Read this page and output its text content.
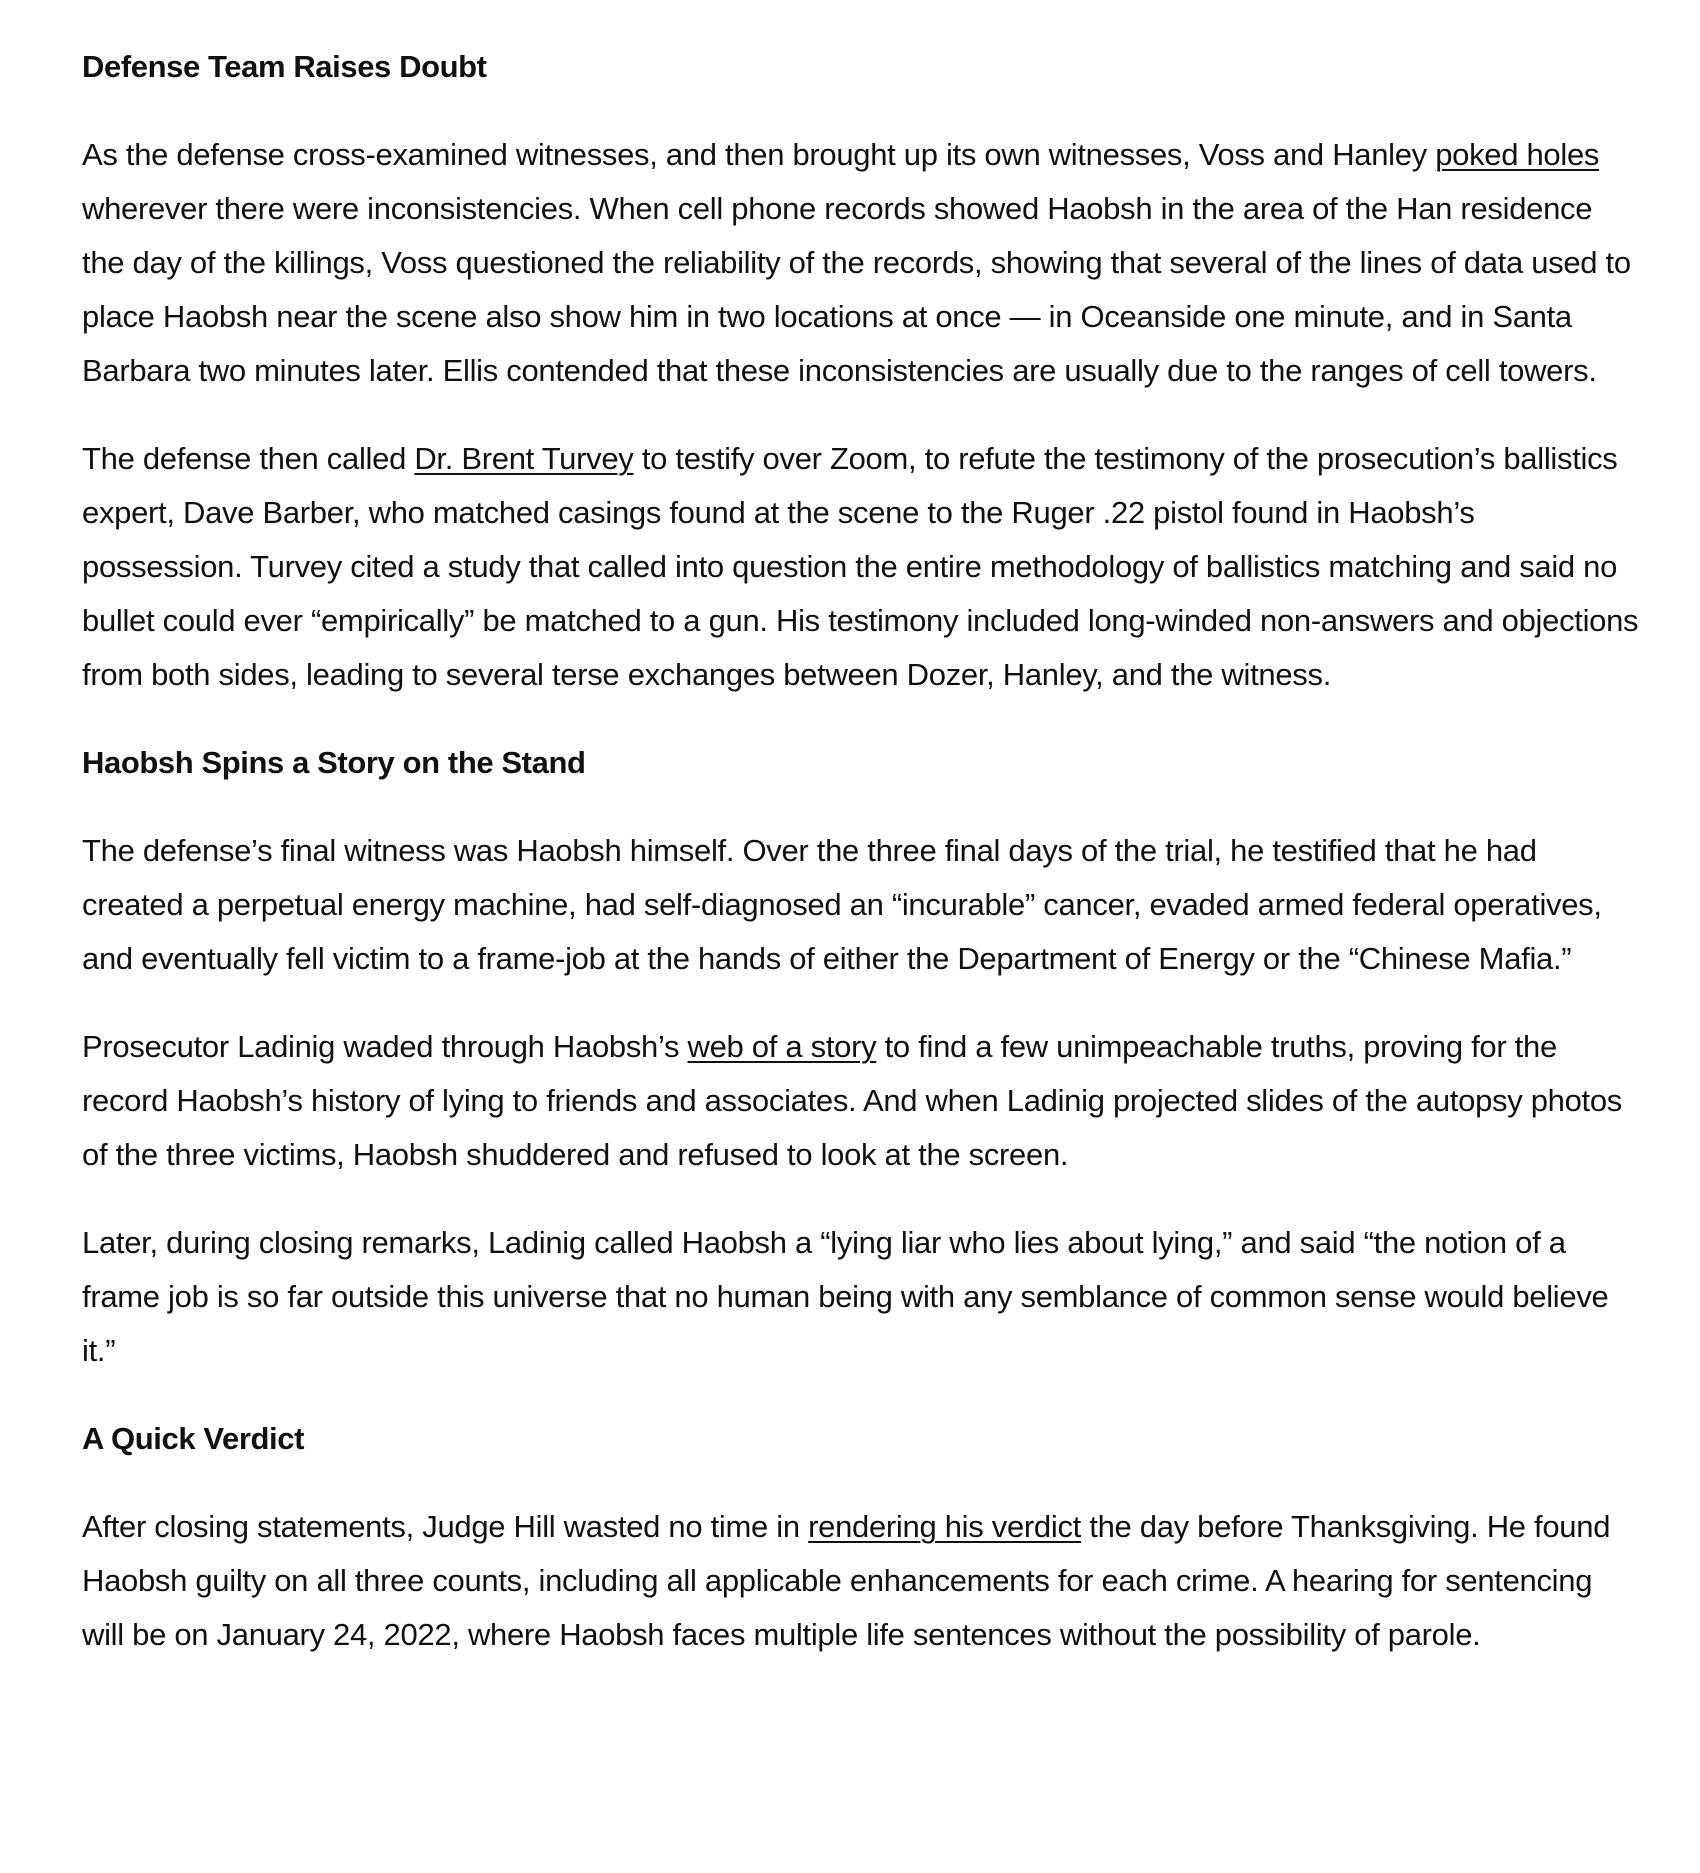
Defense Team Raises Doubt

As the defense cross-examined witnesses, and then brought up its own witnesses, Voss and Hanley poked holes wherever there were inconsistencies. When cell phone records showed Haobsh in the area of the Han residence the day of the killings, Voss questioned the reliability of the records, showing that several of the lines of data used to place Haobsh near the scene also show him in two locations at once — in Oceanside one minute, and in Santa Barbara two minutes later. Ellis contended that these inconsistencies are usually due to the ranges of cell towers.

The defense then called Dr. Brent Turvey to testify over Zoom, to refute the testimony of the prosecution’s ballistics expert, Dave Barber, who matched casings found at the scene to the Ruger .22 pistol found in Haobsh’s possession. Turvey cited a study that called into question the entire methodology of ballistics matching and said no bullet could ever “empirically” be matched to a gun. His testimony included long-winded non-answers and objections from both sides, leading to several terse exchanges between Dozer, Hanley, and the witness.

Haobsh Spins a Story on the Stand

The defense’s final witness was Haobsh himself. Over the three final days of the trial, he testified that he had created a perpetual energy machine, had self-diagnosed an “incurable” cancer, evaded armed federal operatives, and eventually fell victim to a frame-job at the hands of either the Department of Energy or the “Chinese Mafia.”

Prosecutor Ladinig waded through Haobsh’s web of a story to find a few unimpeachable truths, proving for the record Haobsh’s history of lying to friends and associates. And when Ladinig projected slides of the autopsy photos of the three victims, Haobsh shuddered and refused to look at the screen.

Later, during closing remarks, Ladinig called Haobsh a “lying liar who lies about lying,” and said “the notion of a frame job is so far outside this universe that no human being with any semblance of common sense would believe it.”

A Quick Verdict

After closing statements, Judge Hill wasted no time in rendering his verdict the day before Thanksgiving. He found Haobsh guilty on all three counts, including all applicable enhancements for each crime. A hearing for sentencing will be on January 24, 2022, where Haobsh faces multiple life sentences without the possibility of parole.
